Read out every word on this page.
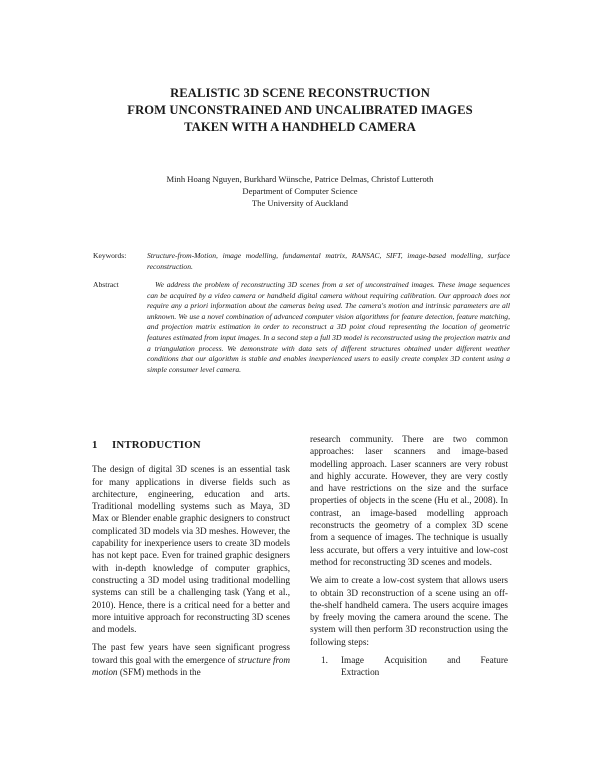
REALISTIC 3D SCENE RECONSTRUCTION
FROM UNCONSTRAINED AND UNCALIBRATED IMAGES
TAKEN WITH A HANDHELD CAMERA
Minh Hoang Nguyen, Burkhard Wünsche, Patrice Delmas, Christof Lutteroth
Department of Computer Science
The University of Auckland
Keywords:	Structure-from-Motion, image modelling, fundamental matrix, RANSAC, SIFT, image-based modelling, surface reconstruction.
Abstract	We address the problem of reconstructing 3D scenes from a set of unconstrained images. These image sequences can be acquired by a video camera or handheld digital camera without requiring calibration. Our approach does not require any a priori information about the cameras being used. The camera's motion and intrinsic parameters are all unknown. We use a novel combination of advanced computer vision algorithms for feature detection, feature matching, and projection matrix estimation in order to reconstruct a 3D point cloud representing the location of geometric features estimated from input images. In a second step a full 3D model is reconstructed using the projection matrix and a triangulation process. We demonstrate with data sets of different structures obtained under different weather conditions that our algorithm is stable and enables inexperienced users to easily create complex 3D content using a simple consumer level camera.

1 INTRODUCTION

The design of digital 3D scenes is an essential task for many applications in diverse fields such as architecture, engineering, education and arts. Traditional modelling systems such as Maya, 3D Max or Blender enable graphic designers to construct complicated 3D models via 3D meshes. However, the capability for inexperience users to create 3D models has not kept pace. Even for trained graphic designers with in-depth knowledge of computer graphics, constructing a 3D model using traditional modelling systems can still be a challenging task (Yang et al., 2010). Hence, there is a critical need for a better and more intuitive approach for reconstructing 3D scenes and models.

The past few years have seen significant progress toward this goal with the emergence of structure from motion (SFM) methods in the

research community. There are two common approaches: laser scanners and image-based modelling approach. Laser scanners are very robust and highly accurate. However, they are very costly and have restrictions on the size and the surface properties of objects in the scene (Hu et al., 2008). In contrast, an image-based modelling approach reconstructs the geometry of a complex 3D scene from a sequence of images. The technique is usually less accurate, but offers a very intuitive and low-cost method for reconstructing 3D scenes and models.

We aim to create a low-cost system that allows users to obtain 3D reconstruction of a scene using an off-the-shelf handheld camera. The users acquire images by freely moving the camera around the scene. The system will then perform 3D reconstruction using the following steps:

1. Image Acquisition and Feature
Extraction
